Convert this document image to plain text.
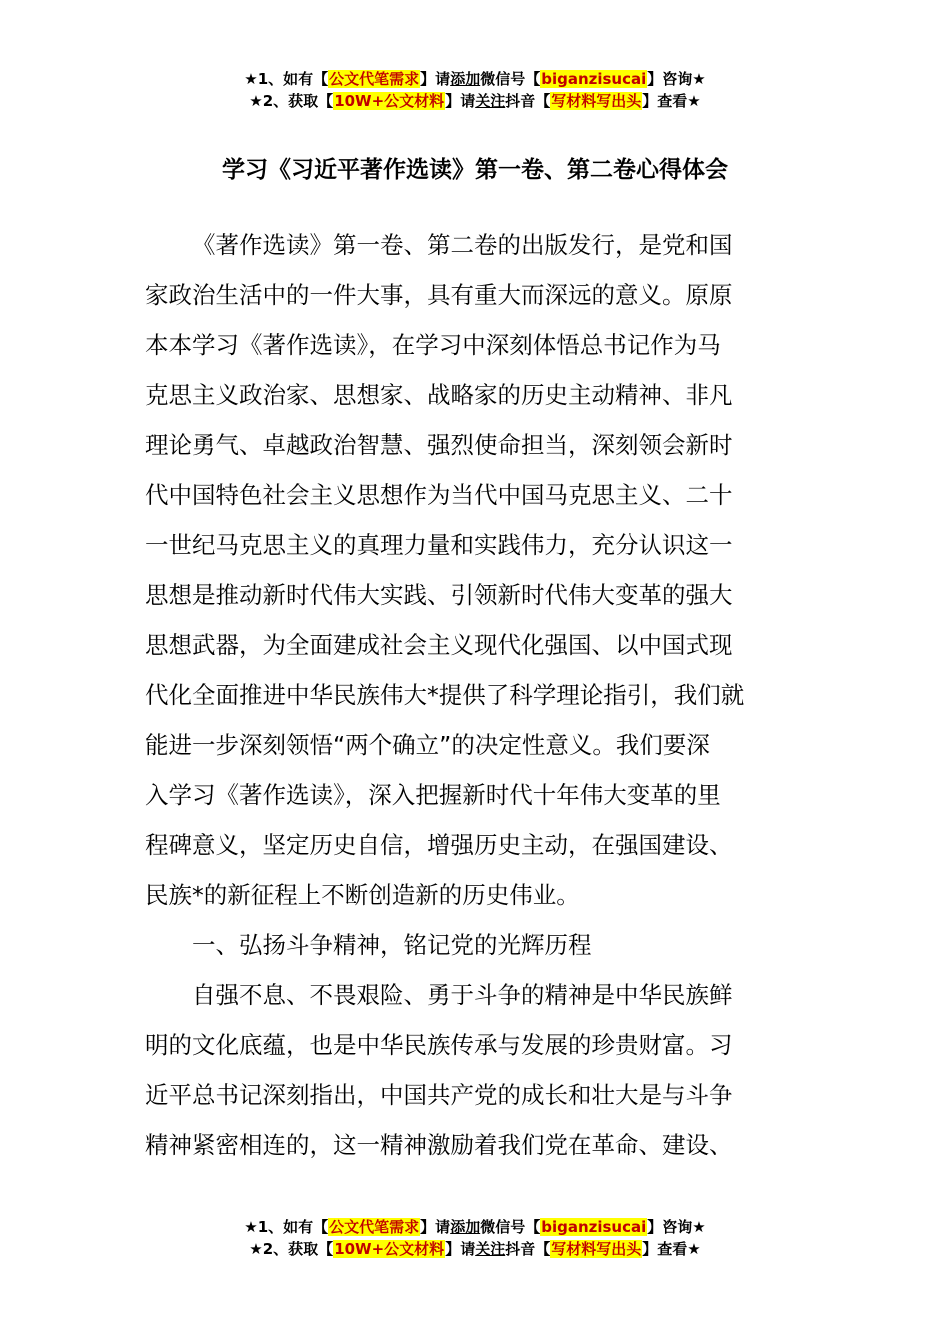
★1、如有【公文代笔需求】请添加微信号【biganzisucai】咨询★
★2、获取【10W+公文材料】请关注抖音【写材料写出头】查看★
学习《习近平著作选读》第一卷、第二卷心得体会
《著作选读》第一卷、第二卷的出版发行，是党和国
家政治生活中的一件大事，具有重大而深远的意义。原原
本本学习《著作选读》，在学习中深刻体悟总书记作为马
克思主义政治家、思想家、战略家的历史主动精神、非凡
理论勇气、卓越政治智慧、强烈使命担当，深刻领会新时
代中国特色社会主义思想作为当代中国马克思主义、二十
一世纪马克思主义的真理力量和实践伟力，充分认识这一
思想是推动新时代伟大实践、引领新时代伟大变革的强大
思想武器，为全面建成社会主义现代化强国、以中国式现
代化全面推进中华民族伟大*提供了科学理论指引，我们就
能进一步深刻领悟“两个确立”的决定性意义。我们要深
入学习《著作选读》，深入把握新时代十年伟大变革的里
程碑意义，坚定历史自信，增强历史主动，在强国建设、
民族*的新征程上不断创造新的历史伟业。
一、弘扬斗争精神，铭记党的光辉历程
自强不息、不畏艰险、勇于斗争的精神是中华民族鲜
明的文化底蕴，也是中华民族传承与发展的珍贵财富。习
近平总书记深刻指出，中国共产党的成长和壮大是与斗争
精神紧密相连的，这一精神激励着我们党在革命、建设、
★1、如有【公文代笔需求】请添加微信号【biganzisucai】咨询★
★2、获取【10W+公文材料】请关注抖音【写材料写出头】查看★
